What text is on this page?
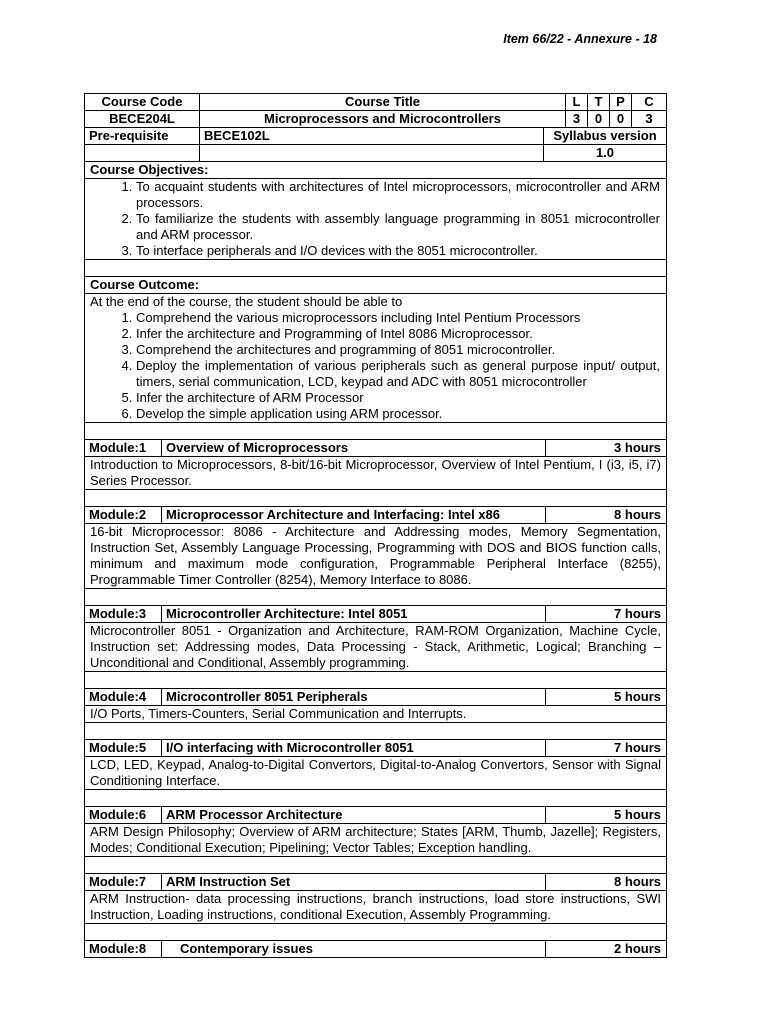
Item 66/22 - Annexure - 18
Course Code	Course Title	L	T	P	C
BECE204L	Microprocessors and Microcontrollers	3	0	0	3
Pre-requisite	BECE102L	Syllabus version
1.0
Course Objectives:
1. To acquaint students with architectures of Intel microprocessors, microcontroller and ARM processors.
2. To familiarize the students with assembly language programming in 8051 microcontroller and ARM processor.
3. To interface peripherals and I/O devices with the 8051 microcontroller.
Course Outcome:
At the end of the course, the student should be able to
1. Comprehend the various microprocessors including Intel Pentium Processors
2. Infer the architecture and Programming of Intel 8086 Microprocessor.
3. Comprehend the architectures and programming of 8051 microcontroller.
4. Deploy the implementation of various peripherals such as general purpose input/ output, timers, serial communication, LCD, keypad and ADC with 8051 microcontroller
5. Infer the architecture of ARM Processor
6. Develop the simple application using ARM processor.
Module:1	Overview of Microprocessors	3 hours
Introduction to Microprocessors, 8-bit/16-bit Microprocessor, Overview of Intel Pentium, I (i3, i5, i7) Series Processor.
Module:2	Microprocessor Architecture and Interfacing: Intel x86	8 hours
16-bit Microprocessor: 8086 - Architecture and Addressing modes, Memory Segmentation, Instruction Set, Assembly Language Processing, Programming with DOS and BIOS function calls, minimum and maximum mode configuration, Programmable Peripheral Interface (8255), Programmable Timer Controller (8254), Memory Interface to 8086.
Module:3	Microcontroller Architecture: Intel 8051	7 hours
Microcontroller 8051 - Organization and Architecture, RAM-ROM Organization, Machine Cycle, Instruction set: Addressing modes, Data Processing - Stack, Arithmetic, Logical; Branching – Unconditional and Conditional, Assembly programming.
Module:4	Microcontroller 8051 Peripherals	5 hours
I/O Ports, Timers-Counters, Serial Communication and Interrupts.
Module:5	I/O interfacing with Microcontroller 8051	7 hours
LCD, LED, Keypad, Analog-to-Digital Convertors, Digital-to-Analog Convertors, Sensor with Signal Conditioning Interface.
Module:6	ARM Processor Architecture	5 hours
ARM Design Philosophy; Overview of ARM architecture; States [ARM, Thumb, Jazelle]; Registers, Modes; Conditional Execution; Pipelining; Vector Tables; Exception handling.
Module:7	ARM Instruction Set	8 hours
ARM Instruction- data processing instructions, branch instructions, load store instructions, SWI Instruction, Loading instructions, conditional Execution, Assembly Programming.
Module:8	Contemporary issues	2 hours
